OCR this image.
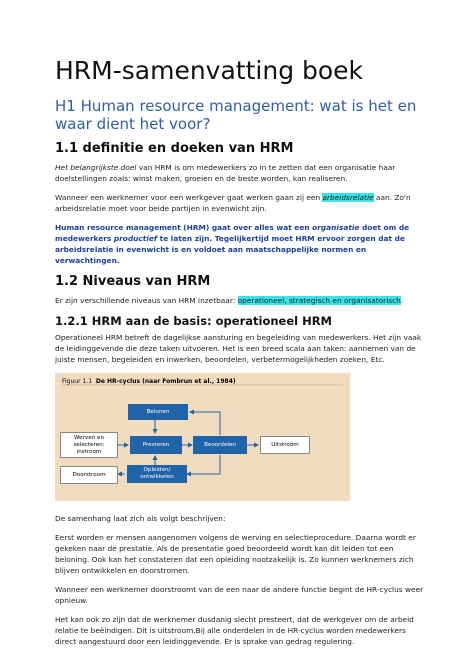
HRM-samenvatting boek
H1 Human resource management: wat is het en waar dient het voor?
1.1 definitie en doeken van HRM

Het belangrijkste doel van HRM is om medewerkers zo in te zetten dat een organisatie haar doelstellingen zoals: winst maken, groeien en de beste worden, kan realiseren.

Wanneer een werknemer voor een werkgever gaat werken gaan zij een arbeidsrelatie aan. Zo'n arbeidsrelatie moet voor beide partijen in evenwicht zijn.

Human resource management (HRM) gaat over alles wat een organisatie doet om de medewerkers productief te laten zijn. Tegelijkertijd moet HRM ervoor zorgen dat de arbeidsrelatie in evenwicht is en voldoet aan maatschappelijke normen en verwachtingen.

1.2 Niveaus van HRM

Er zijn verschillende niveaus van HRM inzetbaar: operationeel, strategisch en organisatorisch.

1.2.1 HRM aan de basis: operationeel HRM

Operationeel HRM betreft de dagelijkse aansturing en begeleiding van medewerkers. Het zijn vaak de leidinggevende die deze taken uitvoeren. Het is een breed scala aan taken: aannemen van de juiste mensen, begeleiden en inwerken, beoordelen, verbetermogelijkheden zoeken, Etc.

Figuur 1.1 De HR-cyclus (naar Fombrun et al., 1984)
Belonen
Werven en selecteren: instroom
Presteren	Beoordelen	Uitstroom
Doorstroom
Opleiden/ ontwikkelen

De samenhang laat zich als volgt beschrijven:

Eerst worden er mensen aangenomen volgens de werving en selectieprocedure. Daarna wordt er gekeken naar de prestatie. Als de presentatie goed beoordeeld wordt kan dit leiden tot een beloning. Ook kan het constateren dat een opleiding nootzakelijk is. Zo kunnen werknemers zich blijven ontwikkelen en doorstromen.

Wanneer een werknemer doorstroomt van de een naar de andere functie begint de HR-cyclus weer opnieuw.

Het kan ook zo zijn dat de werknemer dusdanig slecht presteert, dat de werkgever om de arbeid relatie te beëindigen. Dit is uitstroom.Bij alle onderdelen in de HR-cyclus worden medewerkers direct aangestuurd door een leidinggevende. Er is sprake van gedrag regulering.
